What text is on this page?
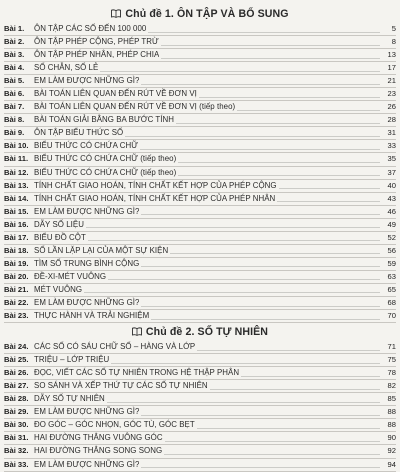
Chủ đề 1. ÔN TẬP VÀ BỔ SUNG
Bài 1.	ÔN TẬP CÁC SỐ ĐẾN 100 000	5
Bài 2.	ÔN TẬP PHÉP CỘNG, PHÉP TRỪ	8
Bài 3.	ÔN TẬP PHÉP NHÂN, PHÉP CHIA	13
Bài 4.	SỐ CHẴN, SỐ LẺ	17
Bài 5.	EM LÀM ĐƯỢC NHỮNG GÌ?	21
Bài 6.	BÀI TOÁN LIÊN QUAN ĐẾN RÚT VỀ ĐƠN VỊ	23
Bài 7.	BÀI TOÁN LIÊN QUAN ĐẾN RÚT VỀ ĐƠN VỊ (tiếp theo)	26
Bài 8.	BÀI TOÁN GIẢI BẰNG BA BƯỚC TÍNH	28
Bài 9.	ÔN TẬP BIỂU THỨC SỐ	31
Bài 10. BIỂU THỨC CÓ CHỨA CHỮ	33
Bài 11. BIỂU THỨC CÓ CHỨA CHỮ (tiếp theo)	35
Bài 12. BIỂU THỨC CÓ CHỨA CHỮ (tiếp theo)	37
Bài 13. TÍNH CHẤT GIAO HOÁN, TÍNH CHẤT KẾT HỢP CỦA PHÉP CỘNG	40
Bài 14. TÍNH CHẤT GIAO HOÁN, TÍNH CHẤT KẾT HỢP CỦA PHÉP NHÂN	43
Bài 15. EM LÀM ĐƯỢC NHỮNG GÌ?	46
Bài 16. DÃY SỐ LIỆU	49
Bài 17. BIỂU ĐỒ CỘT	52
Bài 18. SỐ LẦN LẶP LẠI CỦA MỘT SỰ KIỆN	56
Bài 19. TÌM SỐ TRUNG BÌNH CỘNG	59
Bài 20. ĐỀ-XI-MÉT VUÔNG	63
Bài 21. MÉT VUÔNG	65
Bài 22. EM LÀM ĐƯỢC NHỮNG GÌ?	68
Bài 23. THỰC HÀNH VÀ TRẢI NGHIỆM	70
Chủ đề 2. SỐ TỰ NHIÊN
Bài 24. CÁC SỐ CÓ SÁU CHỮ SỐ – HÀNG VÀ LỚP	71
Bài 25. TRIỆU – LỚP TRIỆU	75
Bài 26. ĐỌC, VIẾT CÁC SỐ TỰ NHIÊN TRONG HỆ THẬP PHÂN	78
Bài 27. SO SÁNH VÀ XẾP THỨ TỰ CÁC SỐ TỰ NHIÊN	82
Bài 28. DÃY SỐ TỰ NHIÊN	85
Bài 29. EM LÀM ĐƯỢC NHỮNG GÌ?	88
Bài 30. ĐO GÓC – GÓC NHỌN, GÓC TÙ, GÓC BẸT	88
Bài 31. HAI ĐƯỜNG THẲNG VUÔNG GÓC	90
Bài 32. HAI ĐƯỜNG THẲNG SONG SONG	92
Bài 33. EM LÀM ĐƯỢC NHỮNG GÌ?	94
